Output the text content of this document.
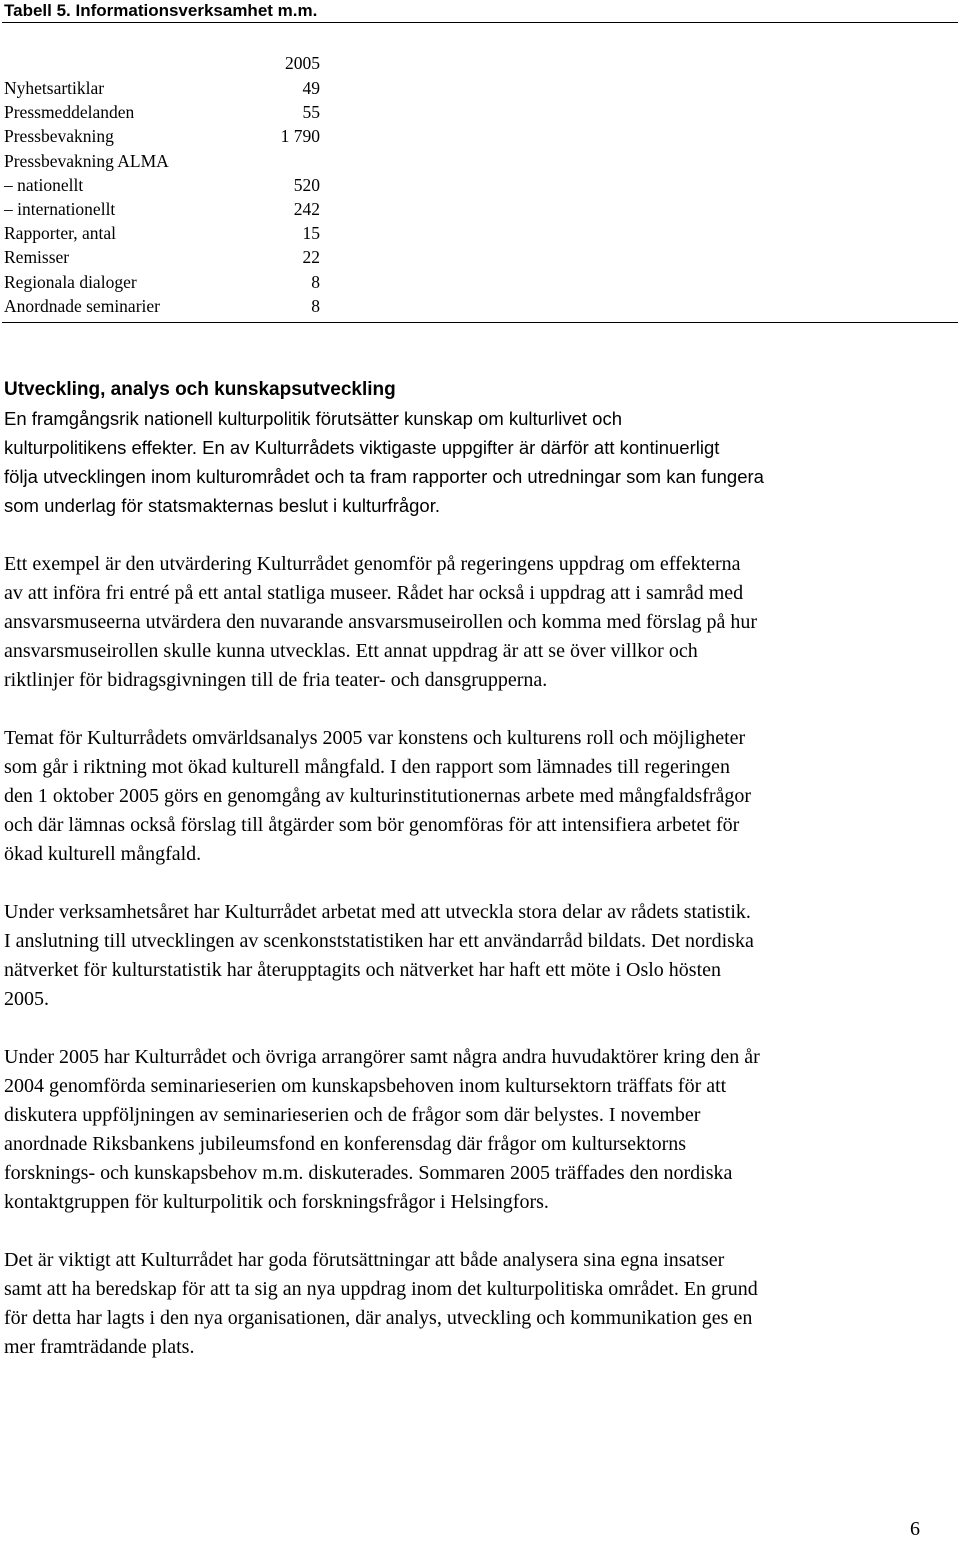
Tabell 5. Informationsverksamhet m.m.
2005
Nyhetsartiklar	49
Pressmeddelanden	55
Pressbevakning	1 790
Pressbevakning ALMA
– nationellt	520
– internationellt	242
Rapporter, antal	15
Remisser	22
Regionala dialoger	8
Anordnade seminarier	8
Utveckling, analys och kunskapsutveckling
En framgångsrik nationell kulturpolitik förutsätter kunskap om kulturlivet och
kulturpolitikens effekter. En av Kulturrådets viktigaste uppgifter är därför att kontinuerligt
följa utvecklingen inom kulturområdet och ta fram rapporter och utredningar som kan fungera
som underlag för statsmakternas beslut i kulturfrågor.
Ett exempel är den utvärdering Kulturrådet genomför på regeringens uppdrag om effekterna
av att införa fri entré på ett antal statliga museer. Rådet har också i uppdrag att i samråd med
ansvarsmuseerna utvärdera den nuvarande ansvarsmuseirollen och komma med förslag på hur
ansvarsmuseirollen skulle kunna utvecklas. Ett annat uppdrag är att se över villkor och
riktlinjer för bidragsgivningen till de fria teater- och dansgrupperna.
Temat för Kulturrådets omvärldsanalys 2005 var konstens och kulturens roll och möjligheter
som går i riktning mot ökad kulturell mångfald. I den rapport som lämnades till regeringen
den 1 oktober 2005 görs en genomgång av kulturinstitutionernas arbete med mångfaldsfrågor
och där lämnas också förslag till åtgärder som bör genomföras för att intensifiera arbetet för
ökad kulturell mångfald.
Under verksamhetsåret har Kulturrådet arbetat med att utveckla stora delar av rådets statistik.
I anslutning till utvecklingen av scenkonststatistiken har ett användarråd bildats. Det nordiska
nätverket för kulturstatistik har återupptagits och nätverket har haft ett möte i Oslo hösten
2005.
Under 2005 har Kulturrådet och övriga arrangörer samt några andra huvudaktörer kring den år
2004 genomförda seminarieserien om kunskapsbehoven inom kultursektorn träffats för att
diskutera uppföljningen av seminarieserien och de frågor som där belystes. I november
anordnade Riksbankens jubileumsfond en konferensdag där frågor om kultursektorns
forsknings- och kunskapsbehov m.m. diskuterades. Sommaren 2005 träffades den nordiska
kontaktgruppen för kulturpolitik och forskningsfrågor i Helsingfors.
Det är viktigt att Kulturrådet har goda förutsättningar att både analysera sina egna insatser
samt att ha beredskap för att ta sig an nya uppdrag inom det kulturpolitiska området. En grund
för detta har lagts i den nya organisationen, där analys, utveckling och kommunikation ges en
mer framträdande plats.
6
